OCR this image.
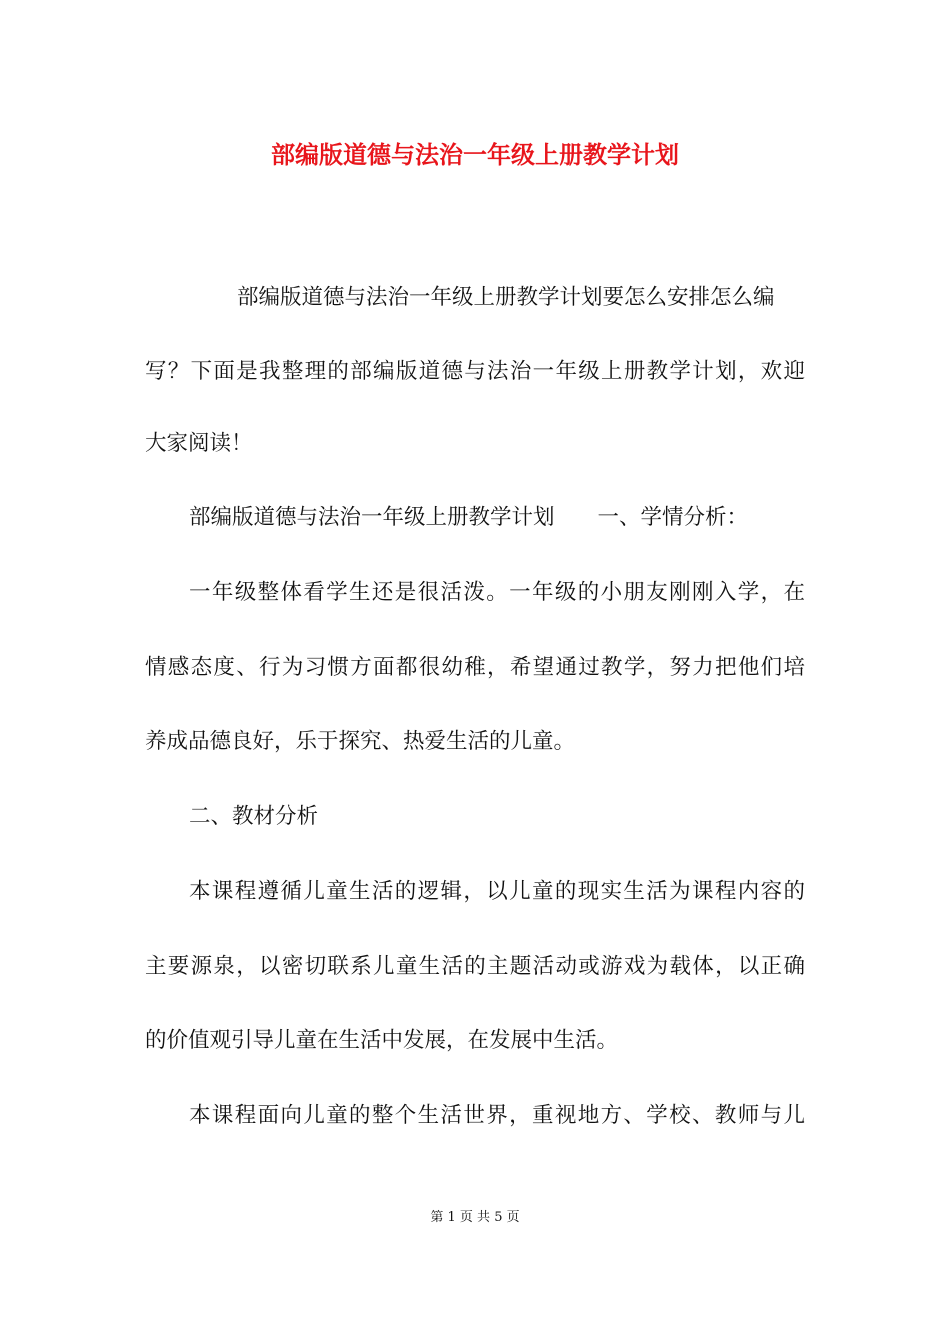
部编版道德与法治一年级上册教学计划
部编版道德与法治一年级上册教学计划要怎么安排怎么编
写？下面是我整理的部编版道德与法治一年级上册教学计划，欢迎
大家阅读！
部编版道德与法治一年级上册教学计划　　一、学情分析：
一年级整体看学生还是很活泼。一年级的小朋友刚刚入学，在
情感态度、行为习惯方面都很幼稚，希望通过教学，努力把他们培
养成品德良好，乐于探究、热爱生活的儿童。
二、教材分析
本课程遵循儿童生活的逻辑，以儿童的现实生活为课程内容的
主要源泉，以密切联系儿童生活的主题活动或游戏为载体，以正确
的价值观引导儿童在生活中发展，在发展中生活。
本课程面向儿童的整个生活世界，重视地方、学校、教师与儿
第 1 页 共 5 页
